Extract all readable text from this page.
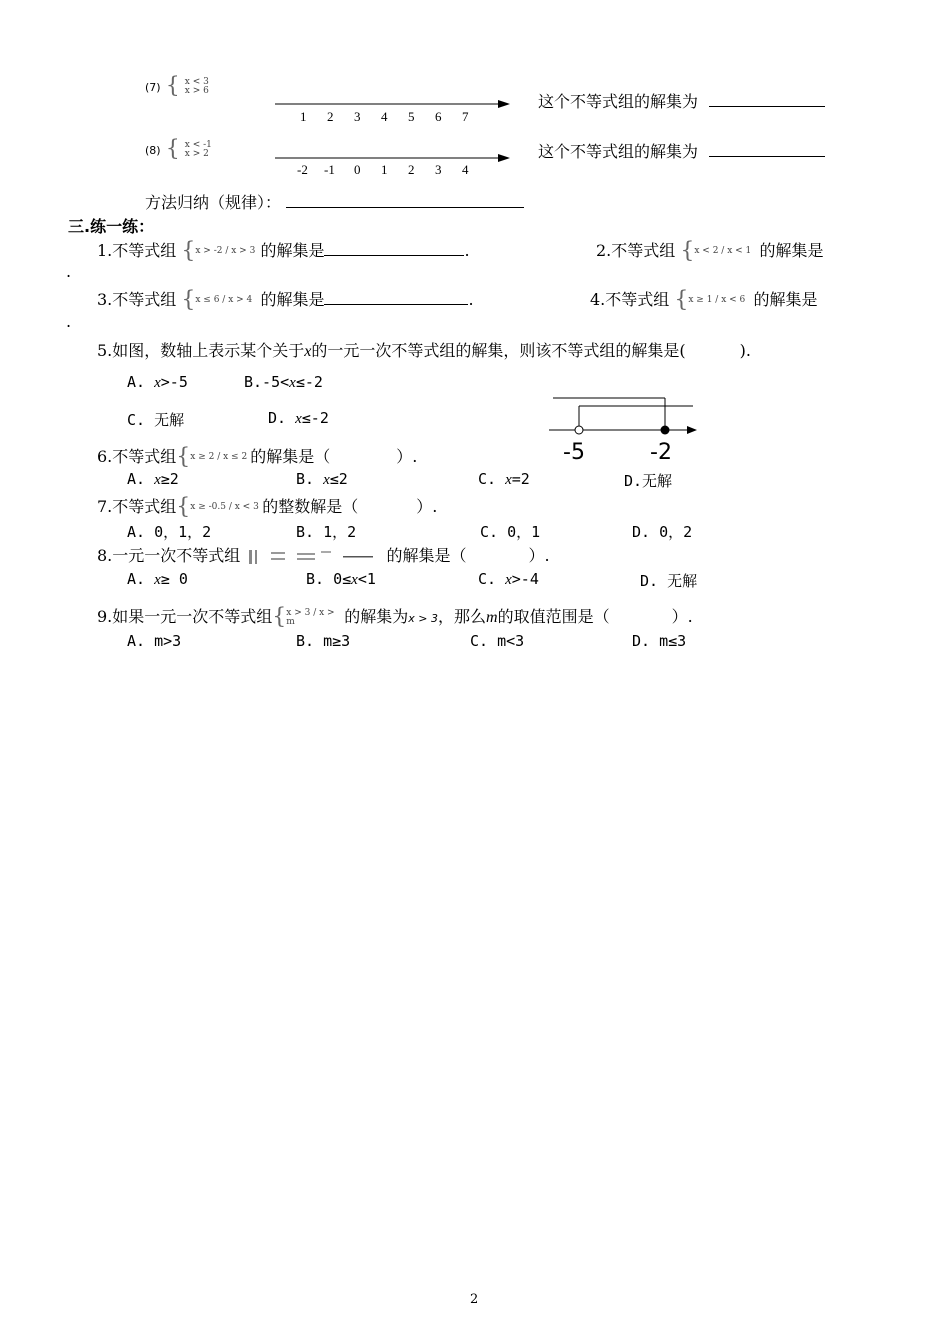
(7) { x < 3
x > 6
1 2 3 4 5 6 7
这个不等式组的解集为
(8) { x < -1
x > 2
-2 -1 0 1 2 3 4
这个不等式组的解集为
方法归纳（规律）：
三.练一练：
1.不等式组 {x > -2 / x > 3 的解集是	.	2.不等式组 {x < 2 / x < 1 的解集是
.
3.不等式组 {x ≤ 6 / x > 4 的解集是	.	4.不等式组 {x ≥ 1 / x < 6 的解集是
.
5.如图，数轴上表示某个关于x的一元一次不等式组的解集，则该不等式组的解集是(	).
A. x>-5	B.-5<x≤-2
C. 无解	D. x≤-2
-5	-2
6.不等式组{x ≥ 2 / x ≤ 2 的解集是（	）.
A. x≥2	B. x≤2	C. x=2	D.无解
7.不等式组{x ≥ -0.5 / x < 3 的整数解是（	）.
A. 0，1，2	B. 1，2	C. 0，1	D. 0，2
8.一元一次不等式组	的解集是（	）.
A. x≥ 0	B. 0≤x<1	C. x>-4	D. 无解
9.如果一元一次不等式组{x > 3 / x > m	的解集为x > 3，那么m的取值范围是（	）.
A. m>3	B. m≥3	C. m<3	D. m≤3
2
